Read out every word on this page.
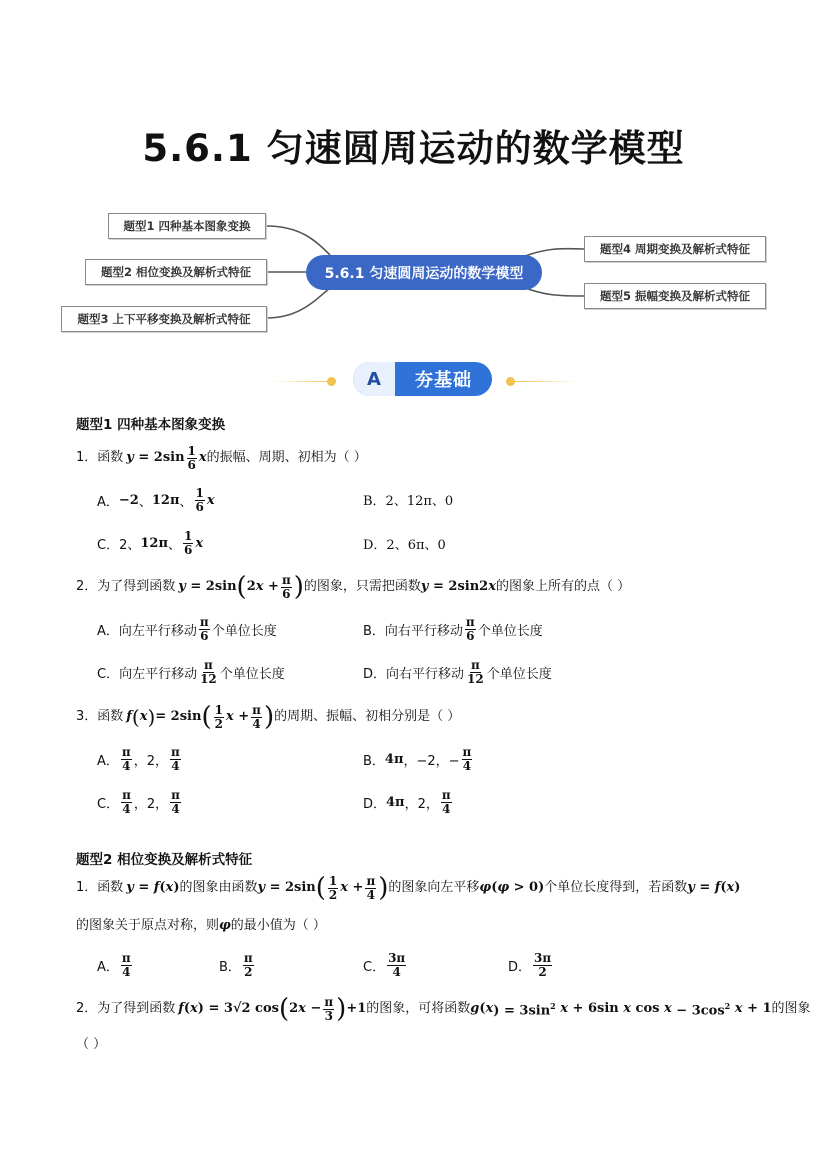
5.6.1 匀速圆周运动的数学模型
题型1 四种基本图象变换
题型2 相位变换及解析式特征
题型3 上下平移变换及解析式特征
5.6.1 匀速圆周运动的数学模型
题型4 周期变换及解析式特征
题型5 振幅变换及解析式特征
A	夯基础
题型1 四种基本图象变换
1．函数 $y = 2\sin \frac{1}{6}$ x 的振幅、周期、初相为（ ）
A． −2 、 12π 、 $\frac{1}{6}$ x	B．2、12π、0
C． 2、 12π 、 $\frac{1}{6}$ x	D．2、6π、0
2．为了得到函数 y = 2sin ( 2 $x + \frac{\pi}{6}$ ) 的图象，只需把函数 y = 2sin2 x 的图象上所有的点（ ）
A．向左平行移动 $\frac{\pi}{6}$ 个单位长度	B．向右平行移动 $\frac{\pi}{6}$ 个单位长度
C．向左平行移动 $\frac{\pi}{12}$ 个单位长度	D．向右平行移动 $\frac{\pi}{12}$ 个单位长度
3．函数 f ( x ) = 2sin ( $\frac{1}{2}$ $x + \frac{\pi}{4}$ ) 的周期、振幅、初相分别是（ ）
A． $\frac{\pi}{4}$ ，2， $\frac{\pi}{4}$	B． 4π ，−2，− $\frac{\pi}{4}$
C． $\frac{\pi}{4}$ ，2， $\frac{\pi}{4}$	D． 4π ，2， $\frac{\pi}{4}$
题型2 相位变换及解析式特征
1．函数 y = f ( x ) 的图象由函数 y = 2sin ( $\frac{1}{2}$ $x + \frac{\pi}{4}$ ) 的图象向左平移 φ ( φ > 0) 个单位长度得到，若函数 y = f ( x )
的图象关于原点对称，则 φ 的最小值为（ ）
A． $\frac{\pi}{4}$	B． $\frac{\pi}{2}$	C． $\frac{3\pi}{4}$	D． $\frac{3\pi}{2}$
2．为了得到函数 f ( x ) = 3√2 cos ( 2 $x - \frac{\pi}{3}$ ) +1 的图象，可将函数 g ( x ) = $3\sin^2$ x + 6sin x $\cos x - 3\cos^2$ x + 1 的图象
（ ）
